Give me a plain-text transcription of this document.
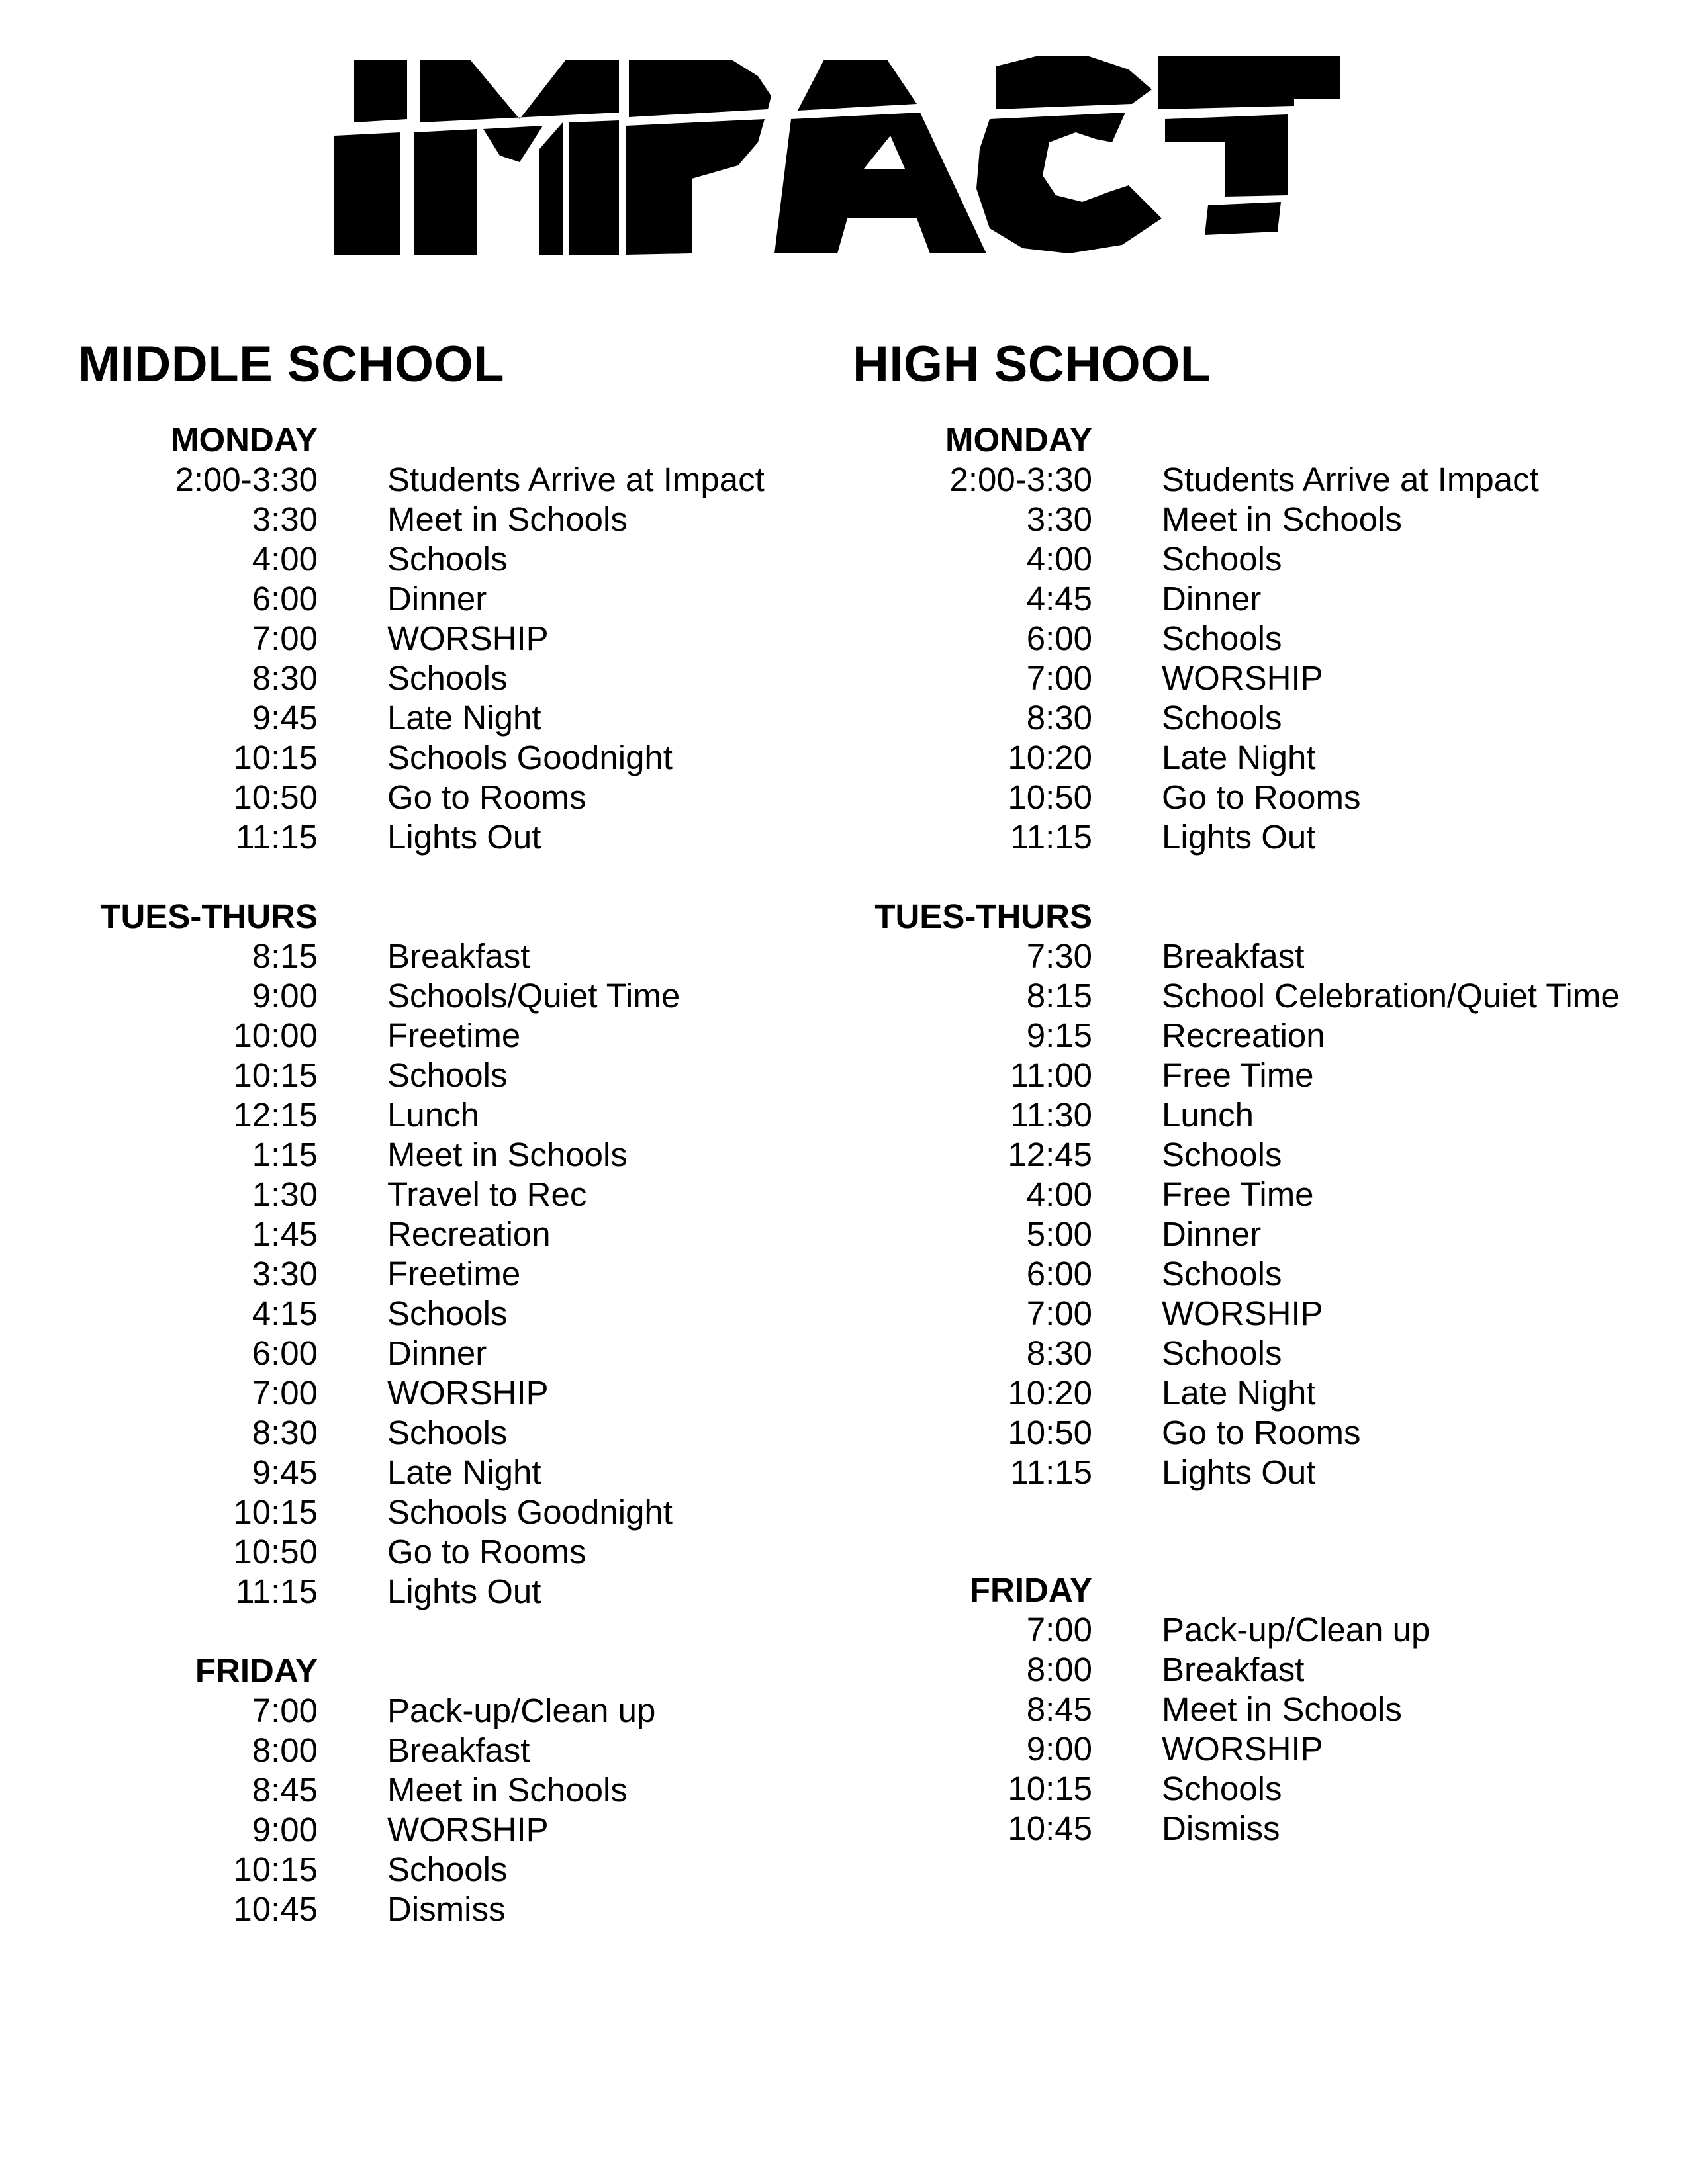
MIDDLE SCHOOL
MONDAY
2:00-3:30	Students Arrive at Impact
3:30	Meet in Schools
4:00	Schools
6:00	Dinner
7:00	WORSHIP
8:30	Schools
9:45	Late Night
10:15	Schools Goodnight
10:50	Go to Rooms
11:15	Lights Out
TUES-THURS
8:15	Breakfast
9:00	Schools/Quiet Time
10:00	Freetime
10:15	Schools
12:15	Lunch
1:15	Meet in Schools
1:30	Travel to Rec
1:45	Recreation
3:30	Freetime
4:15	Schools
6:00	Dinner
7:00	WORSHIP
8:30	Schools
9:45	Late Night
10:15	Schools Goodnight
10:50	Go to Rooms
11:15	Lights Out
FRIDAY
7:00	Pack-up/Clean up
8:00	Breakfast
8:45	Meet in Schools
9:00	WORSHIP
10:15	Schools
10:45	Dismiss
HIGH SCHOOL
MONDAY
2:00-3:30	Students Arrive at Impact
3:30	Meet in Schools
4:00	Schools
4:45	Dinner
6:00	Schools
7:00	WORSHIP
8:30	Schools
10:20	Late Night
10:50	Go to Rooms
11:15	Lights Out
TUES-THURS
7:30	Breakfast
8:15	School Celebration/Quiet Time
9:15	Recreation
11:00	Free Time
11:30	Lunch
12:45	Schools
4:00	Free Time
5:00	Dinner
6:00	Schools
7:00	WORSHIP
8:30	Schools
10:20	Late Night
10:50	Go to Rooms
11:15	Lights Out
FRIDAY
7:00	Pack-up/Clean up
8:00	Breakfast
8:45	Meet in Schools
9:00	WORSHIP
10:15	Schools
10:45	Dismiss
